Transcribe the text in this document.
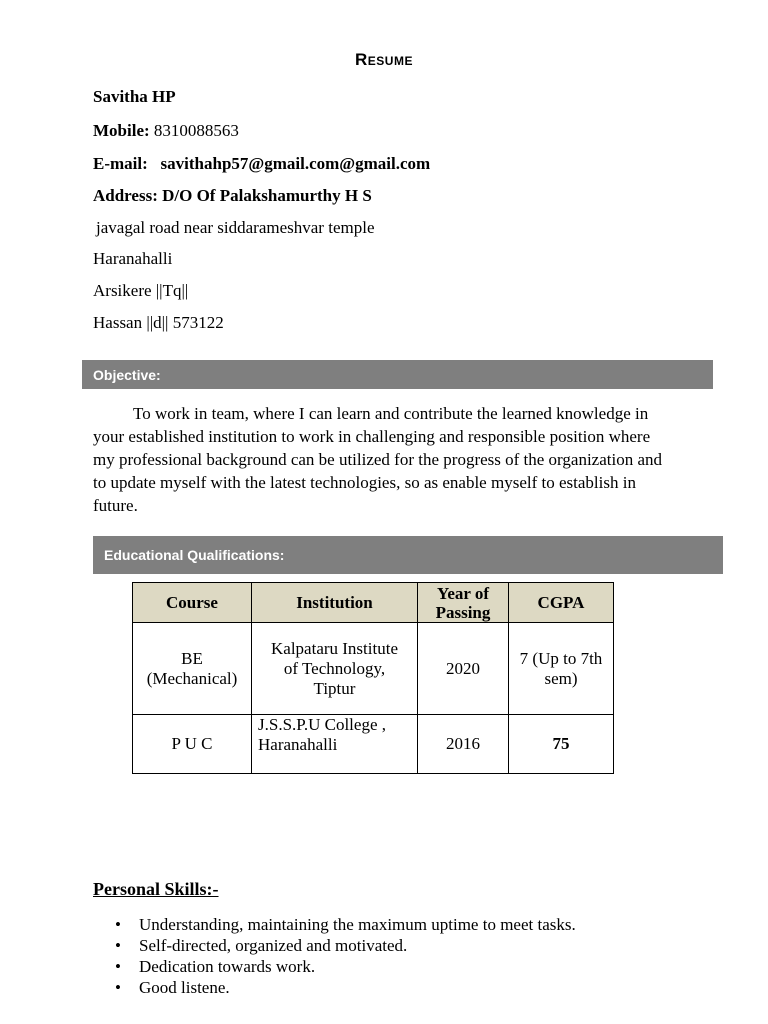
Resume
Savitha HP
Mobile: 8310088563
E-mail: savithahp57@gmail.com@gmail.com
Address: D/O Of Palakshamurthy H S
javagal road near siddarameshvar temple
Haranahalli
Arsikere ||Tq||
Hassan ||d|| 573122
Objective:
To work in team, where I can learn and contribute the learned knowledge in your established institution to work in challenging and responsible position where my professional background can be utilized for the progress of the organization and to update myself with the latest technologies, so as enable myself to establish in future.
Educational Qualifications:
Course	Institution	Year of Passing	CGPA

BE (Mechanical)	Kalpataru Institute of Technology, Tiptur	2020	7 (Up to 7th sem)

P U C	J.S.S.P.U College , Haranahalli	2016	75
Personal Skills:-
• Understanding, maintaining the maximum uptime to meet tasks.
• Self-directed, organized and motivated.
• Dedication towards work.
• Good listene.
